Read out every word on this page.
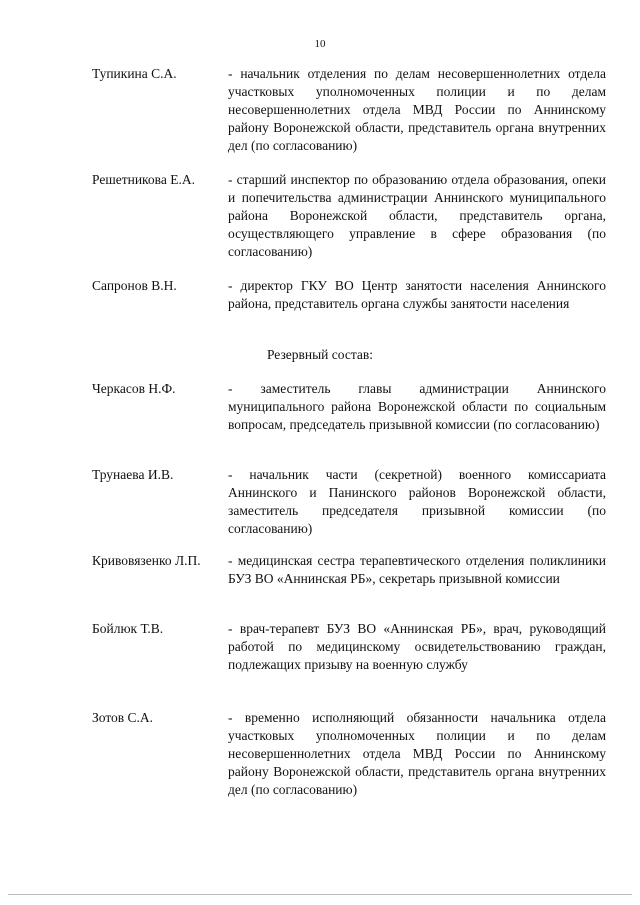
10
Тупикина С.А.	- начальник отделения по делам несовершеннолетних отдела участковых уполномоченных полиции и по делам несовершеннолетних отдела МВД России по Аннинскому району Воронежской области, представитель органа внутренних дел (по согласованию)
Решетникова Е.А. - старший инспектор по образованию отдела образования, опеки и попечительства администрации Аннинского муниципального района Воронежской области, представитель органа, осуществляющего управление в сфере образования (по согласованию)
Сапронов В.Н.	- директор ГКУ ВО Центр занятости населения Аннинского района, представитель органа службы занятости населения
Резервный состав:
Черкасов Н.Ф.	- заместитель главы администрации Аннинского муниципального района Воронежской области по социальным вопросам, председатель призывной комиссии (по согласованию)
Трунаева И.В.	- начальник части (секретной) военного комиссариата Аннинского и Панинского районов Воронежской области, заместитель председателя призывной комиссии (по согласованию)
Кривовязенко Л.П. - медицинская сестра терапевтического отделения поликлиники БУЗ ВО «Аннинская РБ», секретарь призывной комиссии
Бойлюк Т.В.	- врач-терапевт БУЗ ВО «Аннинская РБ», врач, руководящий работой по медицинскому освидетельствованию граждан, подлежащих призыву на военную службу
Зотов С.А.	- временно исполняющий обязанности начальника отдела участковых уполномоченных полиции и по делам несовершеннолетних отдела МВД России по Аннинскому району Воронежской области, представитель органа внутренних дел (по согласованию)
